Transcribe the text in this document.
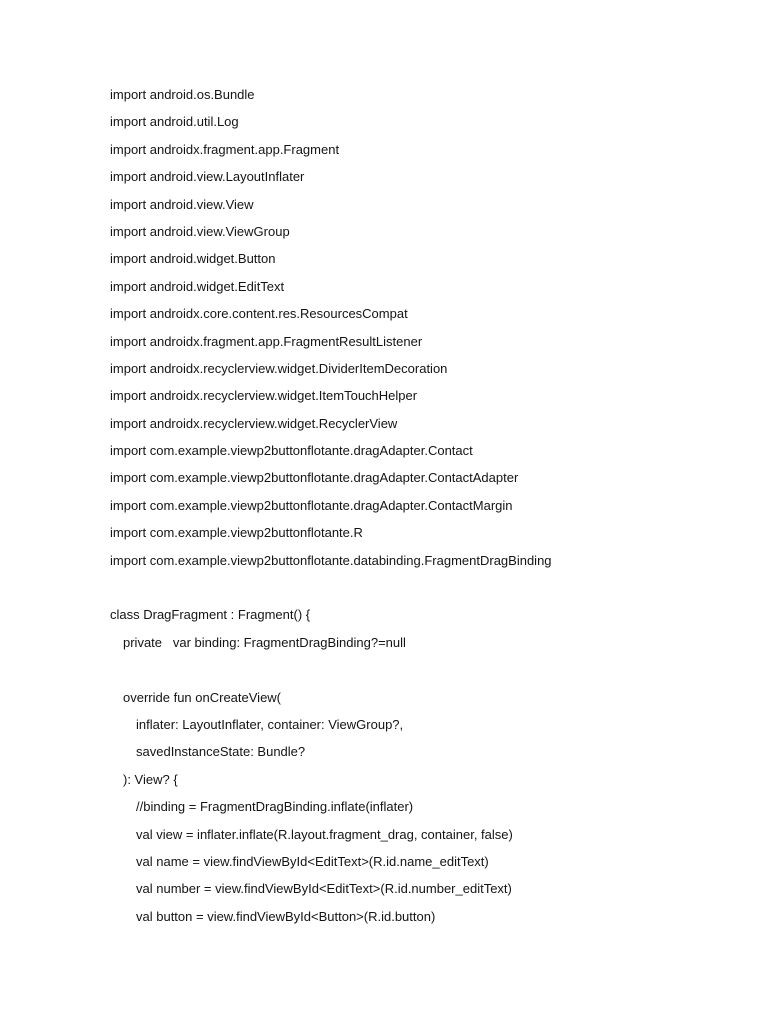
import android.os.Bundle
import android.util.Log
import androidx.fragment.app.Fragment
import android.view.LayoutInflater
import android.view.View
import android.view.ViewGroup
import android.widget.Button
import android.widget.EditText
import androidx.core.content.res.ResourcesCompat
import androidx.fragment.app.FragmentResultListener
import androidx.recyclerview.widget.DividerItemDecoration
import androidx.recyclerview.widget.ItemTouchHelper
import androidx.recyclerview.widget.RecyclerView
import com.example.viewp2buttonflotante.dragAdapter.Contact
import com.example.viewp2buttonflotante.dragAdapter.ContactAdapter
import com.example.viewp2buttonflotante.dragAdapter.ContactMargin
import com.example.viewp2buttonflotante.R
import com.example.viewp2buttonflotante.databinding.FragmentDragBinding
class DragFragment : Fragment() {
private   var binding: FragmentDragBinding?=null
override fun onCreateView(
inflater: LayoutInflater, container: ViewGroup?,
savedInstanceState: Bundle?
): View? {
//binding = FragmentDragBinding.inflate(inflater)
val view = inflater.inflate(R.layout.fragment_drag, container, false)
val name = view.findViewById<EditText>(R.id.name_editText)
val number = view.findViewById<EditText>(R.id.number_editText)
val button = view.findViewById<Button>(R.id.button)
